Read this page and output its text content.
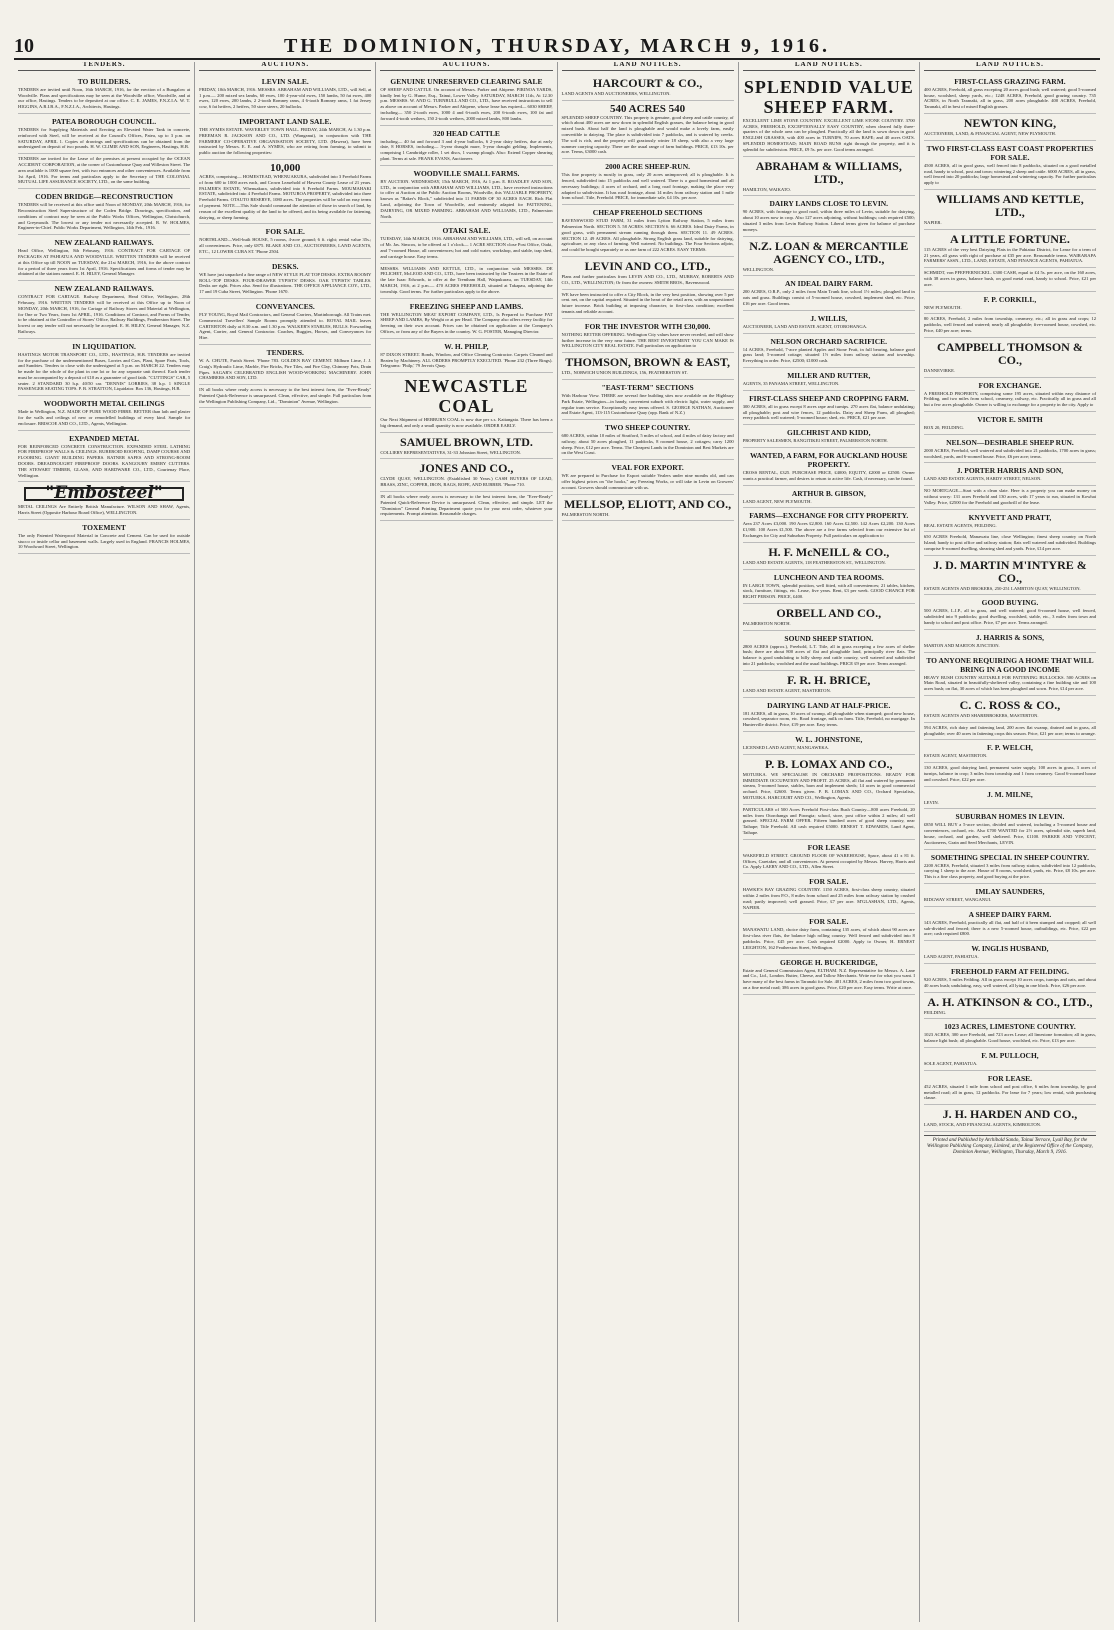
10	THE DOMINION, THURSDAY, MARCH 9, 1916.
TENDERS.
TO BUILDERS.
TENDERS are invited until Noon, 16th MARCH, 1916, for the erection of a Bungalow at Woodville. Plans and specifications may be seen at the Woodville office, Woodville, and at our office, Hastings. Tenders to be deposited at our office. C. E. JAMES, F.N.Z.I.A. W. T. HIGGINS, A.R.I.B.A., F.N.Z.I.A., Architects, Hastings.
PATEA BOROUGH COUNCIL.
TENDERS for Supplying Materials and Erecting an Elevated Water Tank in concrete, reinforced with Steel, will be received at the Council's Offices, Patea, up to 3 p.m. on SATURDAY, APRIL 1. Copies of drawings and specifications can be obtained from the undersigned on deposit of two pounds. H. W. CLIMIE AND SON, Engineers, Hastings, H.B.
TENDERS are invited for the Lease of the premises at present occupied by the OCEAN ACCIDENT CORPORATION, at the corner of Customhouse Quay and Willeston Street. The area available is 1000 square feet, with two entrances and other conveniences. Available from 1st April, 1916. For terms and particulars apply to the Secretary of THE COLONIAL MUTUAL LIFE ASSURANCE SOCIETY, LTD., on the same building.
CODEN BRIDGE—RECONSTRUCTION
TENDERS will be received at this office until Noon of MONDAY, 20th MARCH, 1916, for Reconstruction Steel Superstructure of the Coden Bridge. Drawings, specification, and conditions of contract may be seen at the Public Works Offices, Wellington, Christchurch, and Greymouth. The lowest or any tender not necessarily accepted. R. W. HOLMES, Engineer-in-Chief. Public Works Department, Wellington, 14th Feb., 1916.
NEW ZEALAND RAILWAYS.
Head Office, Wellington, 8th February, 1916. CONTRACT FOR CARTAGE OF PACKAGES AT PAHIATUA AND WOODVILLE. WRITTEN TENDERS will be received at this Office up till NOON on TUESDAY, the 21st MARCH, 1916, for the above contract for a period of three years from 1st April, 1916. Specifications and forms of tender may be obtained at the stations named. E. H. HILEY, General Manager.
NEW ZEALAND RAILWAYS.
CONTRACT FOR CARTAGE. Railway Department, Head Office, Wellington, 28th February, 1916. WRITTEN TENDERS will be received at this Office up to Noon of MONDAY, 20th MARCH, 1916, for Cartage of Railway Stores and Material at Wellington, for One or Two Years, from 1st APRIL, 1916. Conditions of Contract, and Forms of Tender, to be obtained at the Controller of Stores' Office, Railway Buildings, Featherston Street. The lowest or any tender will not necessarily be accepted. E. H. HILEY, General Manager, N.Z. Railways.
IN LIQUIDATION.
HASTINGS MOTOR TRANSPORT CO., LTD., HASTINGS, H.B. TENDERS are invited for the purchase of the undermentioned Buses, Lorries and Cars, Plant, Spare Parts, Tools, and Sundries. Tenders to close with the undersigned at 5 p.m. on MARCH 22. Tenders may be made for the whole of the plant in one lot or for any separate unit thereof. Each tender must be accompanied by a deposit of £10 as a guarantee of good faith. "CUTTINGS" CAR, 5 seater. 2 STANDARD 30 h.p. 40/50 car. "DENNIS" LORRIES, 38 h.p. 1 SINGLE PASSENGER SEATING TOPS. P. B. STRATTON, Liquidator. Box 136, Hastings, H.B.
WOODWORTH METAL CEILINGS
Made in Wellington, N.Z. MADE OF PURE WOOD FIBRE. BETTER than lath and plaster for the walls and ceilings of new or remodelled buildings of every kind. Sample for enclosure. BRISCOE AND CO., LTD., Agents, Wellington.
EXPANDED METAL
FOR REINFORCED CONCRETE CONSTRUCTION. EXPANDED STEEL LATHING FOR FIREPROOF WALLS & CEILINGS. RUBEROID ROOFING, DAMP COURSE AND FLOORING. GIANT BUILDING PAPERS. RATNER SAFES AND STRONG-ROOM DOORS. DREADNOUGHT FIREPROOF DOORS. KANGOURY EMERY CUTTERS. THE STEWART TIMBER, GLASS, AND HARDWARE CO., LTD., Courtenay Place, Wellington.
"Embosteel"
METAL CEILINGS Are Entirely British Manufacture. WILSON AND SHAW, Agents, Harris Street (Opposite Harbour Board Office), WELLINGTON.
TOXEMENT
The only Patented Waterproof Material in Concrete and Cement. Can be used for outside stucco or inside cellar and basement walls. Largely used in England. FRANCIS HOLMES, 10 Woodward Street, Wellington.
AUCTIONS.
LEVIN SALE.
FRIDAY, 10th MARCH, 1916. MESSRS. ABRAHAM AND WILLIAMS, LTD., will Sell, at 1 p.m.— 200 mixed sex lambs, 60 ewes, 100 4-year-old ewes, 150 lambs, 50 fat ewes, 400 ewes, 120 ewes, 200 lambs, 2 2-tooth Romney rams, 4 6-tooth Romney rams, 1 fat Jersey cow, 6 fat heifers, 2 heifers, 50 store steers, 20 bullocks.
IMPORTANT LAND SALE.
THE SYMES ESTATE. WAVERLEY TOWN HALL. FRIDAY, 24th MARCH, At 1.30 p.m. FREEMAN R. JACKSON AND CO., LTD. (Wanganui), in conjunction with THE FARMERS' CO-OPERATIVE ORGANISATION SOCIETY, LTD. (Hawera), have been instructed by Messrs. E. E. and A. SYMES, who are retiring from farming, to submit to public auction the following properties:
10,000
ACRES, comprising— HOMESTEAD, WHENUAKURA, subdivided into 3 Freehold Farms of from 600 to 1000 acres each, and Crown Leasehold of Hawera County Lease of 21 years. PALMER'S ESTATE, Whenuakura, subdivided into 6 Freehold Farms. MOUMAHAKI ESTATE, subdivided into 4 Freehold Farms. MOTUROA PROPERTY, subdivided into three Freehold Farms. OTAUTO RESERVE, 1080 acres. The properties will be sold on easy terms of payment. NOTE.—This Sale should command the attention of those in search of land, by reason of the excellent quality of the land to be offered, and its being available for fattening, dairying, or sheep farming.
FOR SALE.
NORTHLAND—Well-built HOUSE, 5 rooms, 4-acre ground; 6 ft. right; rental value 35s.; all conveniences. Price, only £875. BLAKE AND CO., AUCTIONEERS, LAND AGENTS, ETC., 12 LOWER CUBA ST. 'Phone 2504.
DESKS.
WE have just unpacked a fine range of NEW STYLE FLAT TOP DESKS. EXTRA ROOMY ROLL-TOP DESKS. FOUR-DRAWER TYPISTS' DESKS. OAK TYPISTS' TABLES. Desks are right. Prices also. Send for illustrations. THE OFFICE APPLIANCE COY., LTD., 17 and 19 Cuba Street, Wellington. 'Phone 1670.
CONVEYANCES.
FLY YOUNG, Royal Mail Contractors, and General Carriers, Martinborough. All Trains met. Commercial Travellers' Sample Rooms promptly attended to. ROYAL MAIL leaves CARTERTON daily at 8.30 a.m. and 1.30 p.m. WALKER'S STABLES, BULLS. Forwarding Agent, Carrier, and General Contractor. Coaches, Buggies, Horses, and Conveyances for Hire.
TENDERS.
W. A. CHUTE, Farish Street. 'Phone 783. GOLDEN BAY CEMENT. Milburn Lime, J. J. Craig's Hydraulic Lime, Marble, Fire Bricks, Fire Tiles, and Fire Clay, Chimney Pots, Drain Pipes. SAGAR'S CELEBRATED ENGLISH WOOD-WORKING MACHINERY. JOHN CHAMBERS AND SON, LTD.
IN all books where ready access is necessary to the best interest form, the "Ever-Ready" Patented Quick-Reference is unsurpassed. Clean, effective, and simple. Full particulars from the Wellington Publishing Company, Ltd., "Dominion" Avenue, Wellington.
AUCTIONS.
GENUINE UNRESERVED CLEARING SALE
OF SHEEP AND CATTLE. On account of Messrs. Parker and Ahipene. PIRINOA YARDS, kindly lent by G. Hume, Esq., Tainui, Lower Valley. SATURDAY, MARCH 11th, At 12.30 p.m. MESSRS. W. AND G. TURNBULL AND CO., LTD., have received instructions to sell as above on account of Messrs. Parker and Ahipene, whose lease has expired— 6030 SHEEP, including— 350 2-tooth ewes, 1000 4 and 6-tooth ewes, 200 6-tooth ewes, 100 fat and forward 4-tooth wethers, 150 2-tooth wethers, 2000 mixed lambs, 800 lambs.
320 HEAD CATTLE
including— 40 fat and forward 3 and 4-year bullocks, 6 2-year dairy heifers, due at early date, 8 HORSES, including— 3-year draught mare, 5-year draught gelding. Implements, comprising 1 Cambridge roller, 1 set discs, 1 swamp plough. Also: Extend Copper shearing plant. Terms at sale. FRANK EVANS, Auctioneer.
WOODVILLE SMALL FARMS.
BY AUCTION. WEDNESDAY, 15th MARCH, 1916, At 1 p.m. E. ROADLEY AND SON, LTD., in conjunction with ABRAHAM AND WILLIAMS, LTD., have received instructions to offer at Auction at the Public Auction Rooms, Woodville, this VALUABLE PROPERTY, known as "Baker's Block," subdivided into 11 FARMS OF 30 ACRES EACH. Rich Flat Land, adjoining the Town of Woodville, and eminently adapted for FATTENING, DAIRYING, OR MIXED FARMING. ABRAHAM AND WILLIAMS, LTD., Palmerston North.
OTAKI SALE.
TUESDAY, 14th MARCH, 1916. ABRAHAM AND WILLIAMS, LTD., will sell, on account of Mr. Jas. Simcox, to be offered at 1 o'clock— 1 ACRE SECTION close Post Office, Otaki, and 7-roomed House, all conveniences; hot and cold water, workshop, and stable, trap shed, and carriage house. Easy terms.
MESSRS. WILLIAMS AND KETTLE, LTD., in conjunction with MESSRS. DE PELICHET, McLEOD AND CO., LTD., have been instructed by the Trustees in the Estate of the late Isaac Edwards, to offer at the Trentham Hall, Waipukurau, on TUESDAY, 14th MARCH, 1916, at 2 p.m.— 470 ACRES FREEHOLD, situated at Takapau, adjoining the township. Good terms. For further particulars apply to the above.
FREEZING SHEEP AND LAMBS.
THE WELLINGTON MEAT EXPORT COMPANY, LTD., Is Prepared to Purchase FAT SHEEP AND LAMBS, By Weight or at per Head. The Company also offers every facility for freezing on their own account. Prices can be obtained on application at the Company's Offices, or from any of the Buyers in the country. W. G. FOSTER, Managing Director.
W. H. PHILP,
87 DIXON STREET. Bonds, Window, and Office Cleaning Contractor. Carpets Cleaned and Beaten by Machinery. ALL ORDERS PROMPTLY EXECUTED. 'Phone 232 (Three Rings). Telegrams: 'Philp,' 79 Jervois Quay.
NEWCASTLE COAL
Our Next Shipment of HEBBURN COAL is now due per s.s. Kaitangata. There has been a big demand, and only a small quantity is now available. ORDER EARLY.
SAMUEL BROWN, LTD.
COLLIERY REPRESENTATIVES, 31-33 Johnston Street, WELLINGTON.
JONES AND CO.,
CLYDE QUAY, WELLINGTON. (Established 30 Years.) CASH BUYERS OF LEAD, BRASS, ZINC, COPPER, IRON, RAGS, ROPE, AND RUBBER. 'Phone 710.
IN all books where ready access is necessary to the best interest form, the "Ever-Ready" Patented Quick-Reference Device is unsurpassed. Clean, effective, and simple. LET the "Dominion" General Printing Department quote you for your next order, whatever your requirements. Prompt attention. Reasonable charges.
LAND NOTICES.
HARCOURT & CO.,
LAND AGENTS AND AUCTIONEERS, WELLINGTON.
540 ACRES 540
SPLENDID SHEEP COUNTRY. This property is genuine, good sheep and cattle country, of which about 400 acres are now down in splendid English grasses, the balance being in good mixed bush. About half the land is ploughable and would make a lovely farm, easily convertible to dairying. The place is subdivided into 7 paddocks, and is watered by creeks. The soil is rich, and the property will graziously winter 18 sheep, with also a very large summer carrying capacity. There are the usual range of farm buildings. PRICE, £13 10s. per acre. Terms, £3000 cash.
2000 ACRE SHEEP-RUN.
This fine property is mostly in grass, only 20 acres unimproved; all is ploughable. It is fenced, subdivided into 15 paddocks and well watered. There is a good homestead and all necessary buildings; 4 acres of orchard, and a long road frontage, making the place very adapted to subdivision. It has road frontage, about 14 miles from railway station and 1 mile from school. Title, Freehold. PRICE, for immediate sale, £4 10s. per acre.
CHEAP FREEHOLD SECTIONS
RAVENSWOOD STUD FARM, 31 miles from Lytton Railway Station, 5 miles from Palmerston North. SECTION 5. 58 ACRES. SECTION 6. 66 ACRES. Ideal Dairy Farms, in good grass, with permanent stream running through them. SECTION 11. 49 ACRES. SECTION 12. 49 ACRES. All ploughable. Strong English grass land, suitable for dairying, agriculture, or any class of farming. Well watered. No buildings. The Four Sections adjoin, and could be bought separately or as one farm of 222 ACRES. EASY TERMS.
LEVIN AND CO., LTD.,
Plans and further particulars from LEVIN AND CO., LTD., MURRAY, ROBERTS AND CO., LTD., WELLINGTON; Or from the owners: SMITH BROS., Ravenswood.
WE have been instructed to offer a City Block, in the very best position, showing over 5 per cent. net, on the capital required. Situated in the heart of the retail area, with an unquestioned future increase. Brick building at imposing character, to first-class condition; excellent tenants and reliable account.
FOR THE INVESTOR WITH £30,000.
NOTHING BETTER OFFERING. Wellington City values have never receded, and will show further increase in the very near future. THE BEST INVESTMENT YOU CAN MAKE IS WELLINGTON CITY REAL ESTATE. Full particulars on application to
THOMSON, BROWN & EAST,
LTD., NORWICH UNION BUILDINGS, 156, FEATHERSTON ST.
"EAST-TERM" SECTIONS
With Harbour View. THERE are several fine building sites now available on the Highbury Park Estate, Wellington—in handy, convenient suburb with electric light, water supply, and regular tram service. Exceptionally easy terms offered. S. GEORGE NATHAN, Auctioneer and Estate Agent, 113-115 Customhouse Quay (opp. Bank of N.Z.)
TWO SHEEP COUNTRY.
680 ACRES, within 10 miles of Stratford, 5 miles of school, and 4 miles of dairy factory and railway; about 50 acres ploughed, 11 paddocks, 8 roomed house, 2 cottages; carry 1200 sheep. Price, £12 per acre. Terms. The Cheapest Lands in the Dominion and Best Markets are on the West Coast.
VEAL FOR EXPORT.
WE are prepared to Purchase for Export suitable Vealers under nine months old, and can offer highest prices on "the hooks," any Freezing Works, or will take in Levin on Growers' account. Growers should communicate with us.
MELLSOP, ELIOTT, AND CO.,
PALMERSTON NORTH.
LAND NOTICES.
SPLENDID VALUE SHEEP FARM.
EXCELLENT LIME STONE COUNTRY. EXCELLENT LIME STONE COUNTRY. 3700 ACRES, FREEHOLD, EXCEPTIONALLY EASY COUNTRY, when cleared fully three-quarters of the whole area can be ploughed. Practically all the land is sown down in good ENGLISH GRASSES, with 400 acres in TURNIPS, 70 acres RAPE; and 40 acres OATS. SPLENDID HOMESTEAD; MAIN ROAD RUNS right through the property, and it is splendid for subdivision. PRICE, £9 5s. per acre. Good terms arranged.
ABRAHAM & WILLIAMS, LTD.,
HAMILTON, WAIKATO.
DAIRY LANDS CLOSE TO LEVIN.
90 ACRES, with frontage to good road, within three miles of Levin, suitable for dairying, about 10 acres now in crop. Also 127 acres adjoining, without buildings; cash required £500; situated 3 miles from Levin Railway Station. Liberal terms given for balance of purchase moneys.
N.Z. LOAN & MERCANTILE AGENCY CO., LTD.,
WELLINGTON.
AN IDEAL DAIRY FARM.
200 ACRES, O.R.P., only 2 miles from Main Trunk line, school 1½ miles; ploughed land in oats and grass. Buildings consist of 5-roomed house, cowshed, implement shed, etc. Price, £16 per acre. Good terms.
J. WILLIS,
AUCTIONEER, LAND AND ESTATE AGENT, OTOROHANGA.
NELSON ORCHARD SACRIFICE.
14 ACRES, Freehold, 7-acre planted Apples and Stone Fruit, in full bearing, balance good grass land; 5-roomed cottage; situated 1½ miles from railway station and township. Everything in order. Price, £2500; £1000 cash.
MILLER AND RUTTER,
AGENTS, 35 PANAMA STREET, WELLINGTON.
FIRST-CLASS SHEEP AND CROPPING FARM.
300 ACRES, all in grass except 8 acres rape and turnips. 270 acres flat, balance undulating; all ploughable; post and wire fences, 12 paddocks. Dairy and Sheep Farm, all ploughed; every paddock well watered; 5-roomed house; shed, etc. PRICE, £21 per acre.
GILCHRIST AND KIDD,
PROPERTY SALESMEN, RANGITIKEI STREET, PALMERSTON NORTH.
WANTED, A FARM, FOR AUCKLAND HOUSE PROPERTY.
CROSS RENTAL, £325. PURCHASE PRICE, £4000; EQUITY, £2000 or £2500. Owner wants a practical farmer, and desires to return to active life. Cash, if necessary, can be found.
ARTHUR B. GIBSON,
LAND AGENT, NEW PLYMOUTH.
FARMS—EXCHANGE FOR CITY PROPERTY.
Area 237 Acres £3,000. 190 Acres £2,800. 160 Acres £2,500. 142 Acres £2,200. 130 Acres £1,900. 100 Acres £1,500. The above are a few farms selected from our extensive list of Exchanges for City and Suburban Property. Full particulars on application to
H. F. McNEILL & CO.,
LAND AND ESTATE AGENTS, 118 FEATHERSTON ST., WELLINGTON.
LUNCHEON AND TEA ROOMS.
IN LARGE TOWN, splendid position, well fitted, with all conveniences; 21 tables, kitchen, stock, furniture, fittings, etc. Lease, five years. Rent, £3 per week. GOOD CHANCE FOR RIGHT PERSON. PRICE, £400.
ORBELL AND CO.,
PALMERSTON NORTH.
SOUND SHEEP STATION.
2800 ACRES (approx.), Freehold, L.T. Title, all in grass excepting a few acres of shelter bush; there are about 800 acres of flat and ploughable land, principally river flats. The balance is good undulating to hilly sheep and cattle country, well watered and subdivided into 21 paddocks; woolshed and the usual buildings. PRICE £9 per acre. Terms arranged.
F. R. H. BRICE,
LAND AND ESTATE AGENT, MASTERTON.
DAIRYING LAND AT HALF-PRICE.
181 ACRES, all in grass, 10 acres of swamp, all ploughable when stumped; good new house, cowshed, separator room, etc. Road frontage, milk on farm. Title, Freehold, no mortgage. In Hunterville district. Price, £19 per acre. Easy terms.
W. L. JOHNSTONE,
LICENSED LAND AGENT, MANGAWEKA.
P. B. LOMAX AND CO.,
MOTUEKA. WE SPECIALISE IN ORCHARD PROPOSITIONS. READY FOR IMMEDIATE OCCUPATION AND PROFIT. 25 ACRES, all flat and watered by permanent stream, 5-roomed house, stables, barn and implement sheds; 14 acres in good commercial orchard. Price, £2600. Terms given. P. B. LOMAX AND CO., Orchard Specialists, MOTUEKA. HARCOURT AND CO., Wellington, Agents.
PARTICULARS of 500 Acres Freehold First-class Bush Country—800 acres Freehold, 20 miles from Otorohanga and Pirongia; school, store, post office within 2 miles; all well grassed. SPECIAL FARM OFFER. Fifteen hundred acres of good sheep country, near Taihape; Title Freehold. All cash required £5000. ERNEST T. EDWARDS, Land Agent, Taihape.
FOR LEASE
WAKEFIELD STREET. GROUND FLOOR OF WAREHOUSE, Space, about 41 x 81 ft. Offices, Caretaker, and all conveniences. At present occupied by Messrs. Harvey, Harris and Co. Apply LAERY AND CO., LTD., Allen Street.
FOR SALE.
HAWKE'S BAY GRAZING COUNTRY. 1150 ACRES, first-class sheep country, situated within 2 miles from P.O., 8 miles from school and 25 miles from railway station by crushed road; partly improved; well grassed. Price, £7 per acre. M'GLASHAN, LTD., Agents, NAPIER.
FOR SALE.
MANAWATU LAND, choice dairy farm, containing 135 acres, of which about 90 acres are first-class river flats, the balance high rolling country. Well fenced and subdivided into 8 paddocks. Price, £45 per acre. Cash required £2000. Apply to Owner, H. ERNEST LEIGHTON, 162 Featherston Street, Wellington.
GEORGE H. BUCKERIDGE,
Estate and General Commission Agent, ELTHAM. N.Z. Representative for Messrs. A. Lane and Co., Ltd., London. Butter, Cheese, and Tallow Merchants. Write me for what you want. I have many of the best farms in Taranaki for Sale. 401 ACRES, 2 miles from two good towns, on a fine metal road; 386 acres in good grass. Price, £20 per acre. Easy terms. Write at once.
LAND NOTICES.
FIRST-CLASS GRAZING FARM.
400 ACRES, Freehold, all grass excepting 20 acres good bush; well watered; good 5-roomed house, woolshed, sheep yards, etc.; 1248 ACRES, Freehold, good grazing country. 735 ACRES, in North Taranaki, all in grass, 200 acres ploughable. 400 ACRES, Freehold, Taranaki, all in best of mixed English grasses.
NEWTON KING,
AUCTIONEER, LAND, & FINANCIAL AGENT, NEW PLYMOUTH.
TWO FIRST-CLASS EAST COAST PROPERTIES FOR SALE.
4500 ACRES, all in good grass, well fenced into 8 paddocks, situated on a good metalled road, handy to school, post and town; wintering 2 sheep and cattle. 6000 ACRES, all in grass, well fenced into 20 paddocks; large homestead and wintering capacity. For further particulars apply to
WILLIAMS AND KETTLE, LTD.,
NAPIER.
A LITTLE FORTUNE.
115 ACRES of the very best Dairying Flats in the Pahiatua District, for Lease for a term of 21 years, all grass with right of purchase at £35 per acre. Reasonable terms. WAIRARAPA FARMERS' ASSN., LTD., LAND, ESTATE, AND FINANCE AGENTS, PAHIATUA.
SCHMIDT, von PFEFFERNICKEL. £300 CASH, equal to £4 5s. per acre, on the 160 acres, with 38 acres in grass, balance bush, on good metal road, handy to school. Price, £21 per acre.
F. P. CORKILL,
NEW PLYMOUTH.
80 ACRES, Freehold, 2 miles from township, creamery, etc.; all in grass and crops; 12 paddocks, well fenced and watered; nearly all ploughable; five-roomed house, cowshed, etc. Price, £40 per acre; terms.
CAMPBELL THOMSON & CO.,
DANNEVIRKE.
FOR EXCHANGE.
A FREEHOLD PROPERTY, comprising some 195 acres, situated within easy distance of Feilding, and two miles from school, creamery, railway, etc. Practically all in grass and all but a few acres ploughable. Owner is willing to exchange for a property in the city. Apply to
VICTOR E. SMITH
BOX 20, FEILDING.
NELSON—DESIRABLE SHEEP RUN.
2000 ACRES, Freehold, well watered and subdivided into 21 paddocks, 1700 acres in grass; woolshed, yards, and 6-roomed house. Price, £6 per acre; terms.
J. PORTER HARRIS AND SON,
LAND AND ESTATE AGENTS, HARDY STREET, NELSON.
NO MORTGAGE—Start with a clean slate. Here is a property you can make money on without worry: 131 acres Freehold and 130 acres, with 17 years to run, situated in Kowhai Valley. Price, £2500 for the Freehold and goodwill of the lease.
KNYVETT AND PRATT,
REAL ESTATE AGENTS, FEILDING.
650 ACRES Freehold, Manawatu line, close Wellington; finest sheep country on North Island; handy to post office and railway station; flats well watered and subdivided. Buildings comprise 6-roomed dwelling, shearing shed and yards. Price, £14 per acre.
J. D. MARTIN M'INTYRE & CO.,
ESTATE AGENTS AND BROKERS, 250-251 LAMBTON QUAY, WELLINGTON.
GOOD BUYING.
500 ACRES, L.I.P., all in grass, and well watered; good 6-roomed house, well fenced, subdivided into 9 paddocks; good dwelling, woolshed, stable, etc., 3 miles from town and handy to school and post office. Price, £7 per acre. Terms arranged.
J. HARRIS & SONS,
MARTON AND MARTON JUNCTION.
TO ANYONE REQUIRING A HOME THAT WILL BRING IN A GOOD INCOME
HEAVY BUSH COUNTRY SUITABLE FOR FATTENING BULLOCKS. 500 ACRES on Main Road, situated in beautifully-sheltered valley, containing a fine building site and 100 acres bush; on flat, 30 acres of which has been ploughed and sown. Price, £14 per acre.
C. C. ROSS & CO.,
ESTATE AGENTS AND SHAREBROKERS, MASTERTON.
594 ACRES, rich dairy and fattening land, 200 acres flat swamp, drained and in grass, all ploughable; over 40 acres in fattening crops this season. Price, £21 per acre; terms to arrange.
F. P. WELCH,
ESTATE AGENT, MASTERTON.
130 ACRES, good dairying land, permanent water supply, 100 acres in grass, 3 acres of turnips, balance in crop; 3 miles from township and 1 from creamery. Good 6-roomed house and cowshed. Price, £22 per acre.
J. M. MILNE,
LEVIN.
SUBURBAN HOMES IN LEVIN.
£850 WILL BUY a 5-acre section, divided and watered, including a 5-roomed house and conveniences, orchard, etc. Also £700 WANTED for 2½ acres, splendid site, superb land, house, orchard, and garden, well sheltered. Price, £1100. PARKER AND VINCENT, Auctioneers, Grain and Seed Merchants, LEVIN.
SOMETHING SPECIAL IN SHEEP COUNTRY.
2200 ACRES, Freehold, situated 3 miles from railway station, subdivided into 12 paddocks, carrying 1 sheep to the acre. House of 8 rooms, woolshed, yards, etc. Price, £8 10s. per acre. This is a fine class property, and good buying at the price.
IMLAY SAUNDERS,
RIDGWAY STREET, WANGANUI.
A SHEEP DAIRY FARM.
143 ACRES, Freehold, practically all flat, and half of it been stumped and cropped; all well sub-divided and fenced; there is a new 5-roomed house, outbuildings, etc. Price, £22 per acre; cash required £800.
W. INGLIS HUSBAND,
LAND AGENT, PAHIATUA.
FREEHOLD FARM AT FEILDING.
920 ACRES, 5 miles Feilding. All in grass except 10 acres crops, turnips and oats, and about 40 acres bush; undulating, easy, well watered, all lying in one block. Price, £26 per acre.
A. H. ATKINSON & CO., LTD.,
FEILDING.
1023 ACRES, LIMESTONE COUNTRY.
1023 ACRES, 300 acre Freehold, and 723 acres Lease; all limestone formation; all in grass, balance light bush; all ploughable. Good house, woolshed, etc. Price, £13 per acre.
F. M. PULLOCH,
SOLE AGENT, PAHIATUA.
FOR LEASE.
452 ACRES, situated 1 mile from school and post office, 6 miles from township, by good metalled road; all in grass, 12 paddocks. For lease for 7 years; low rental, with purchasing clause.
J. H. HARDEN AND CO.,
LAND, STOCK, AND FINANCIAL AGENTS, KIMBOLTON.
Printed and Published by Archibald Sando, Tainui Terrace, Lyall Bay, for the Wellington Publishing Company, Limited, at the Registered Office of the Company, Dominion Avenue, Wellington, Thursday, March 9, 1916.
